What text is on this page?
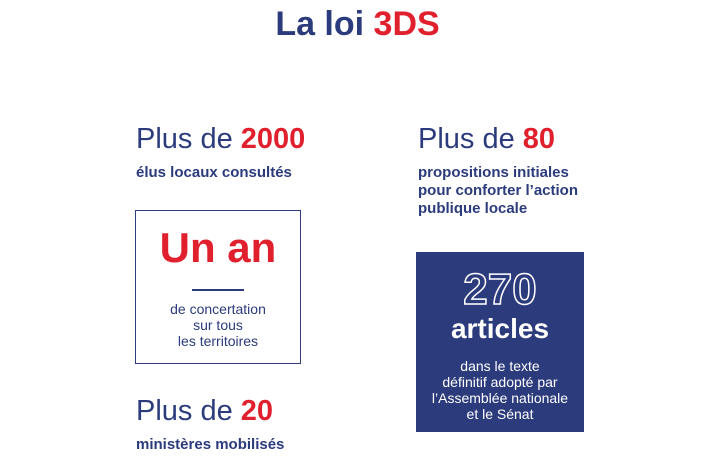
La loi 3DS
Plus de 2000
élus locaux consultés
Plus de 80
propositions initiales
pour conforter l’action
publique locale
Un an
de concertation
sur tous
les territoires
270
articles
dans le texte
définitif adopté par
l’Assemblée nationale
et le Sénat
Plus de 20
ministères mobilisés
